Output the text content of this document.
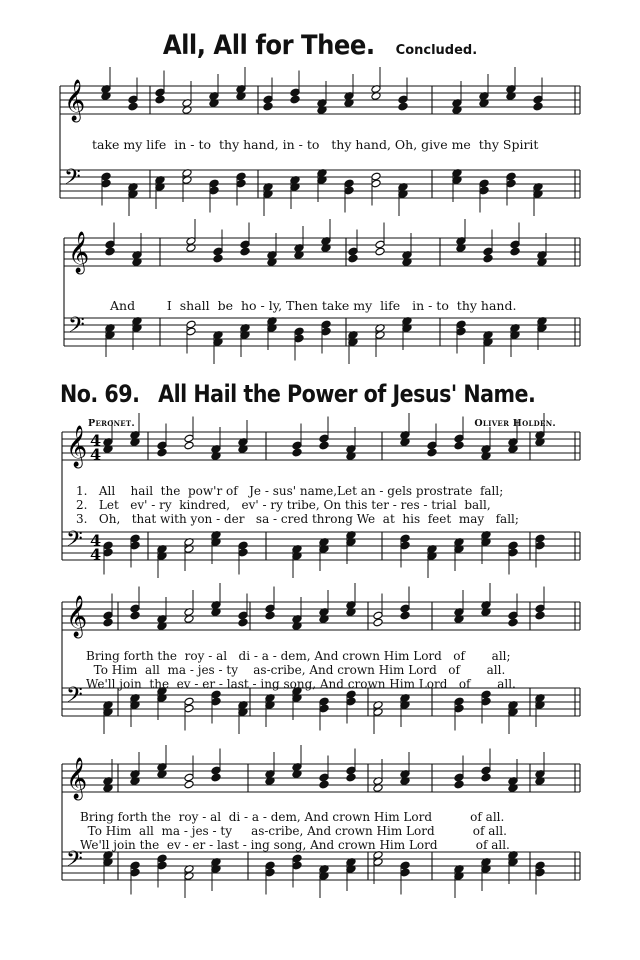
All, All for Thee. Concluded.
𝄞
𝄢
𝄞
𝄢
𝄞
𝄢
𝄞
𝄢
𝄞
𝄢
4
4
4
4
take my life  in - to  thy hand, in - to   thy hand, Oh, give me  thy Spirit
And        I  shall  be  ho - ly, Then take my  life   in - to  thy hand.
No. 69. All Hail the Power of Jesus' Name.
Peronet.	Oliver Holden.
1.   All    hail  the  pow'r of   Je - sus' name,Let an - gels prostrate  fall;
2.   Let   ev' - ry  kindred,   ev' - ry tribe, On this ter - res - trial  ball,
3.   Oh,   that with yon - der   sa - cred throng We  at  his  feet  may   fall;
Bring forth the  roy - al   di - a - dem, And crown Him Lord   of       all;
To Him  all  ma - jes - ty    as-cribe, And crown Him Lord   of       all.
We'll join  the  ev - er - last - ing song, And crown Him Lord   of       all.
Bring forth the  roy - al  di - a - dem, And crown Him Lord          of all.
To Him  all  ma - jes - ty     as-cribe, And crown Him Lord          of all.
We'll join the  ev - er - last - ing song, And crown Him Lord          of all.
